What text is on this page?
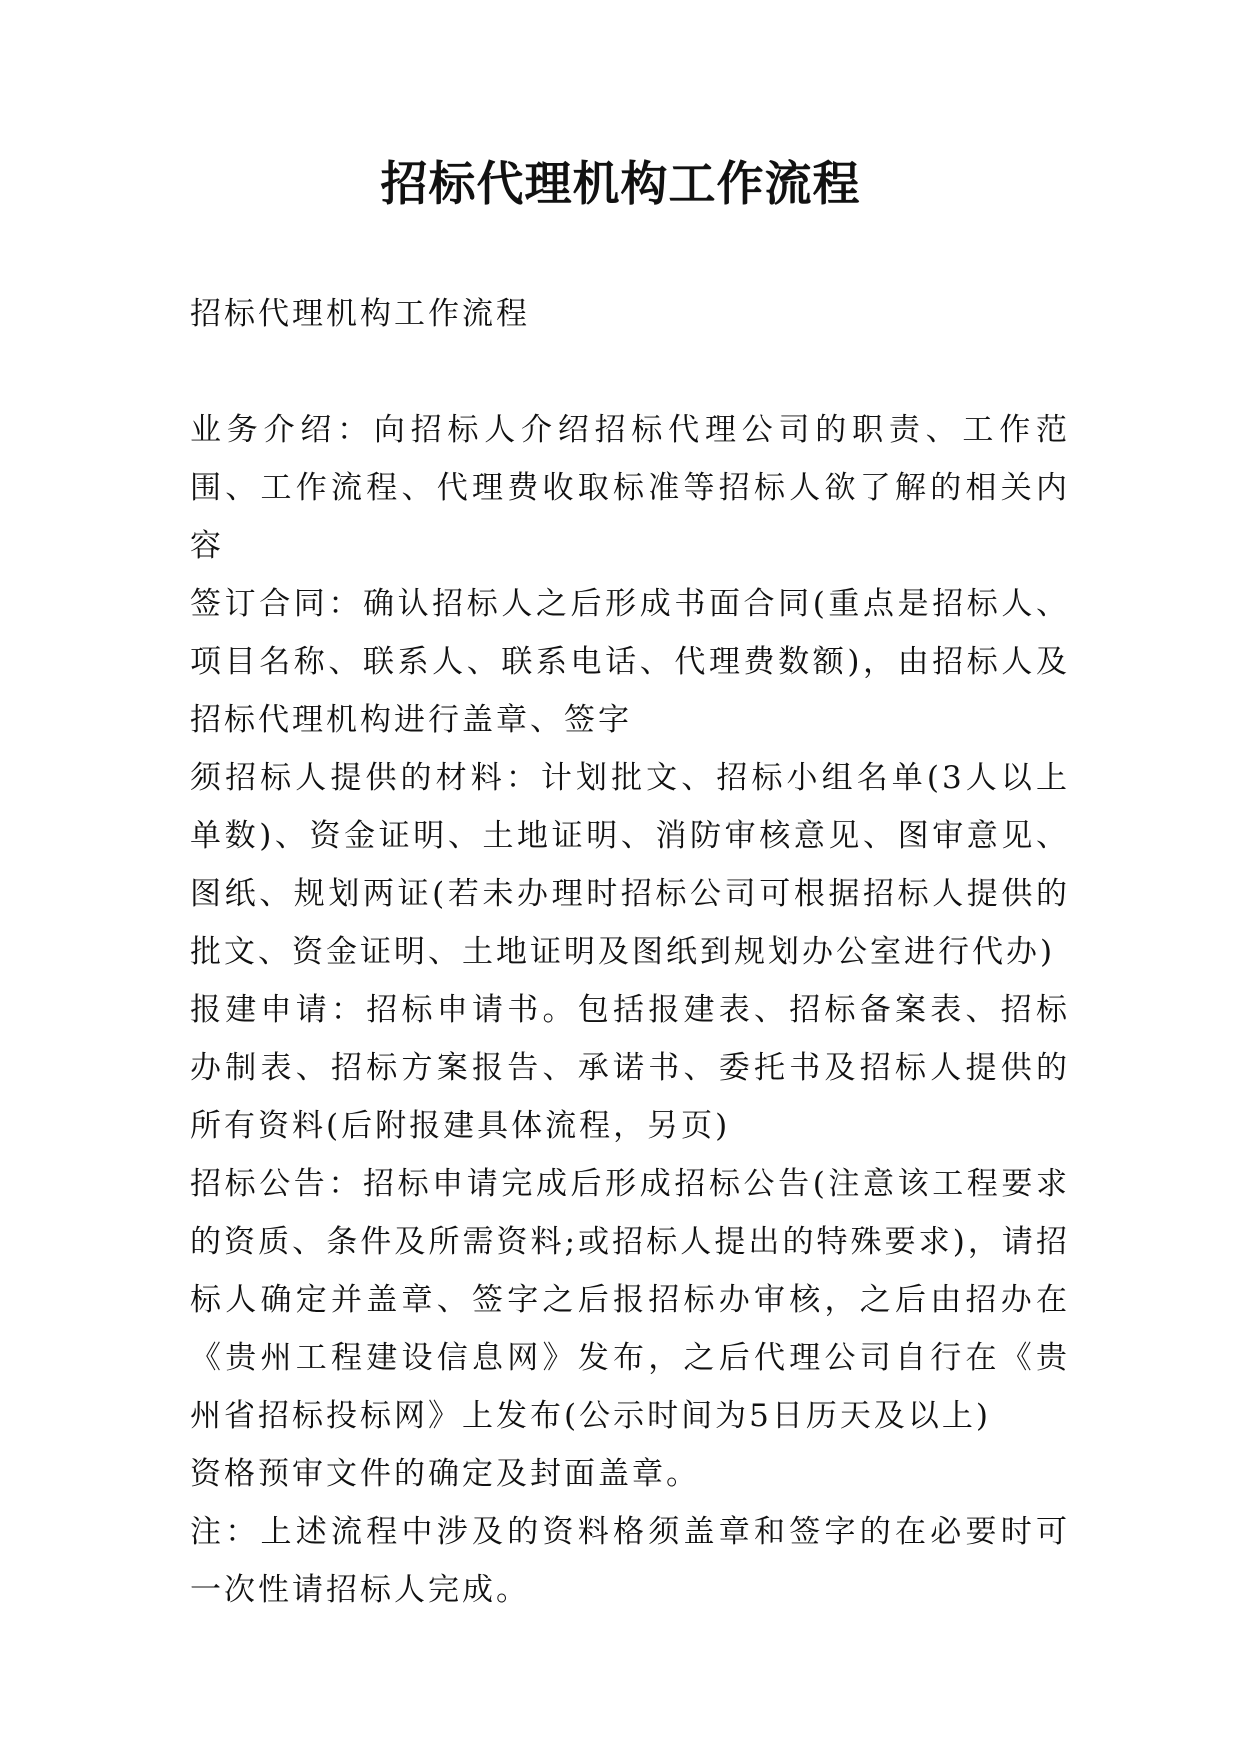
招标代理机构工作流程

招标代理机构工作流程

业务介绍：向招标人介绍招标代理公司的职责、工作范围、工作流程、代理费收取标准等招标人欲了解的相关内容

签订合同：确认招标人之后形成书面合同(重点是招标人、项目名称、联系人、联系电话、代理费数额)，由招标人及招标代理机构进行盖章、签字

须招标人提供的材料：计划批文、招标小组名单(3人以上单数)、资金证明、土地证明、消防审核意见、图审意见、图纸、规划两证(若未办理时招标公司可根据招标人提供的批文、资金证明、土地证明及图纸到规划办公室进行代办)

报建申请：招标申请书。包括报建表、招标备案表、招标办制表、招标方案报告、承诺书、委托书及招标人提供的所有资料(后附报建具体流程，另页)

招标公告：招标申请完成后形成招标公告(注意该工程要求的资质、条件及所需资料;或招标人提出的特殊要求)，请招标人确定并盖章、签字之后报招标办审核，之后由招办在《贵州工程建设信息网》发布，之后代理公司自行在《贵州省招标投标网》上发布(公示时间为5日历天及以上)

资格预审文件的确定及封面盖章。

注：上述流程中涉及的资料格须盖章和签字的在必要时可一次性请招标人完成。
